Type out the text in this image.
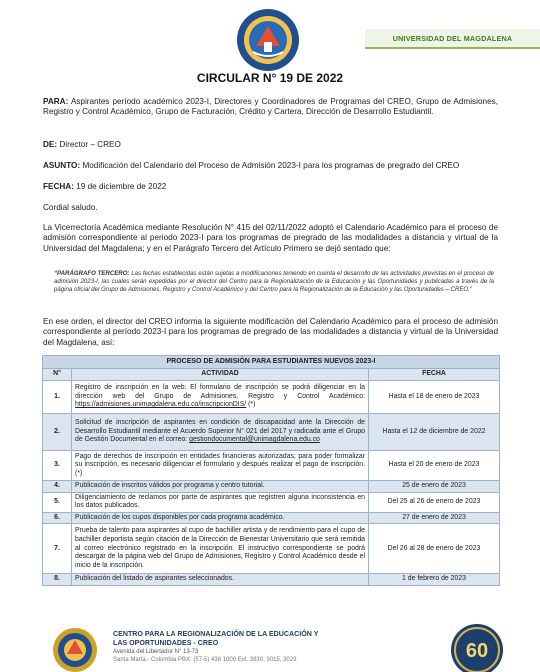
UNIVERSIDAD DEL MAGDALENA
CIRCULAR N° 19 DE 2022
PARA: Aspirantes período académico 2023-I, Directores y Coordinadores de Programas del CREO, Grupo de Admisiones, Registro y Control Académico, Grupo de Facturación, Crédito y Cartera, Dirección de Desarrollo Estudiantil.
DE: Director – CREO
ASUNTO: Modificación del Calendario del Proceso de Admisión 2023-I para los programas de pregrado del CREO
FECHA: 19 de diciembre de 2022
Cordial saludo.
La Vicerrectoría Académica mediante Resolución N° 415 del 02/11/2022 adoptó el Calendario Académico para el proceso de admisión correspondiente al periodo 2023-I para los programas de pregrado de las modalidades a distancia y virtual de la Universidad del Magdalena; y en el Parágrafo Tercero del Artículo Primero se dejó sentado que:
“PARÁGRAFO TERCERO: Las fechas establecidas están sujetas a modificaciones teniendo en cuenta el desarrollo de las actividades previstas en el proceso de admisión 2023-I, las cuales serán expedidas por el director del Centro para la Regionalización de la Educación y las Oportunidades y publicadas a través de la página oficial del Grupo de Admisiones, Registro y Control Académico y del Centro para la Regionalización de la Educación y las Oportunidades – CREO.”
En ese orden, el director del CREO informa la siguiente modificación del Calendario Académico para el proceso de admisión correspondiente al período 2023-I para los programas de pregrado de las modalidades a distancia y virtual de la Universidad del Magdalena, así:
PROCESO DE ADMISIÓN PARA ESTUDIANTES NUEVOS 2023-I		
N°	ACTIVIDAD	FECHA
1.	Registro de inscripción en la web: El formulario de inscripción se podrá diligenciar en la dirección web del Grupo de Admisiones, Registro y Control Académico: https://admisiones.unimagdalena.edu.co/inscripcionDIS/ (*)	Hasta el 18 de enero de 2023
2.	Solicitud de inscripción de aspirantes en condición de discapacidad ante la Dirección de Desarrollo Estudiantil mediante el Acuerdo Superior N° 021 del 2017 y radicada ante el Grupo de Gestión Documental en el correo: gestiondocumental@unimagdalena.edu.co	Hasta el 12 de diciembre de 2022
3.	Pago de derechos de inscripción en entidades financieras autorizadas; para poder formalizar su inscripción, es necesario diligenciar el formulario y después realizar el pago de inscripción. (*)	Hasta el 20 de enero de 2023
4.	Publicación de inscritos válidos por programa y centro tutorial.	25 de enero de 2023
5.	Diligenciamiento de reclamos por parte de aspirantes que registren alguna inconsistencia en los datos publicados.	Del 25 al 26 de enero de 2023
6.	Publicación de los cupos disponibles por cada programa académico.	27 de enero de 2023
7.	Prueba de talento para aspirantes al cupo de bachiller artista y de rendimiento para el cupo de bachiller deportista según citación de la Dirección de Bienestar Universitario que será remitida al correo electrónico registrado en la inscripción. El instructivo correspondiente se podrá descargar de la página web del Grupo de Admisiones, Registro y Control Académico desde el inicio de la inscripción.	Del 26 al 28 de enero de 2023
8.	Publicación del listado de aspirantes seleccionados.	1 de febrero de 2023
CENTRO PARA LA REGIONALIZACIÓN DE LA EDUCACIÓN Y
LAS OPORTUNIDADES - CREO
Avenida del Libertador N° 13-73
Santa Marta - Colombia PBX: (57-5) 438 1000 Ext. 3930, 3015, 3029	60
